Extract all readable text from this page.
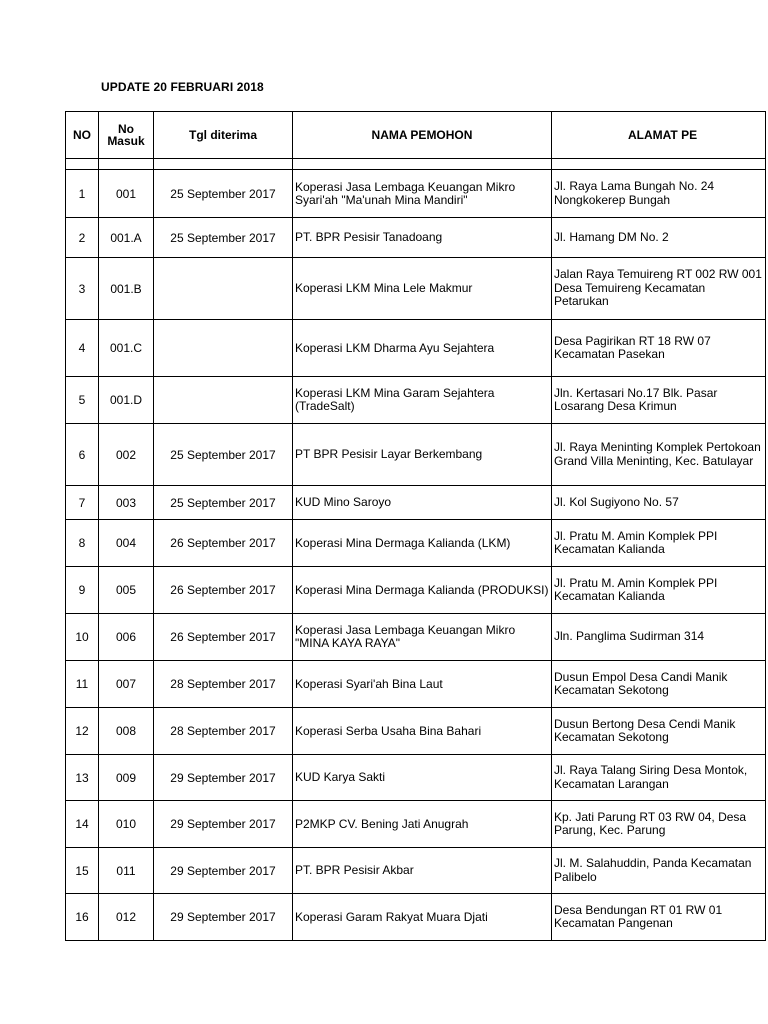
UPDATE 20 FEBRUARI 2018
NO	No Masuk	Tgl diterima	NAMA PEMOHON	ALAMAT PE

1	001	25 September 2017	Koperasi Jasa Lembaga Keuangan Mikro Syari'ah "Ma'unah Mina Mandiri"	Jl. Raya Lama Bungah No. 24 Nongkokerep Bungah
2	001.A	25 September 2017	PT. BPR Pesisir Tanadoang	Jl. Hamang DM No. 2
3	001.B		Koperasi LKM Mina Lele Makmur	Jalan Raya Temuireng RT 002 RW 001 Desa Temuireng Kecamatan Petarukan
4	001.C		Koperasi LKM Dharma Ayu Sejahtera	Desa Pagirikan RT 18 RW 07 Kecamatan Pasekan
5	001.D		Koperasi LKM Mina Garam Sejahtera (TradeSalt)	Jln. Kertasari No.17 Blk. Pasar Losarang Desa Krimun
6	002	25 September 2017	PT BPR Pesisir Layar Berkembang	Jl. Raya Meninting Komplek Pertokoan Grand Villa Meninting, Kec. Batulayar
7	003	25 September 2017	KUD Mino Saroyo	Jl. Kol Sugiyono No. 57
8	004	26 September 2017	Koperasi Mina Dermaga Kalianda (LKM)	Jl. Pratu M. Amin Komplek PPI Kecamatan Kalianda
9	005	26 September 2017	Koperasi Mina Dermaga Kalianda (PRODUKSI)	Jl. Pratu M. Amin Komplek PPI Kecamatan Kalianda
10	006	26 September 2017	Koperasi Jasa Lembaga Keuangan Mikro "MINA KAYA RAYA"	Jln. Panglima Sudirman 314
11	007	28 September 2017	Koperasi Syari'ah Bina Laut	Dusun Empol Desa Candi Manik Kecamatan Sekotong
12	008	28 September 2017	Koperasi Serba Usaha Bina Bahari	Dusun Bertong Desa Cendi Manik Kecamatan Sekotong
13	009	29 September 2017	KUD Karya Sakti	Jl. Raya Talang Siring Desa Montok, Kecamatan Larangan
14	010	29 September 2017	P2MKP CV. Bening Jati Anugrah	Kp. Jati Parung RT 03 RW 04, Desa Parung, Kec. Parung
15	011	29 September 2017	PT. BPR Pesisir Akbar	Jl. M. Salahuddin, Panda Kecamatan Palibelo
16	012	29 September 2017	Koperasi Garam Rakyat Muara Djati	Desa Bendungan RT 01 RW 01 Kecamatan Pangenan
